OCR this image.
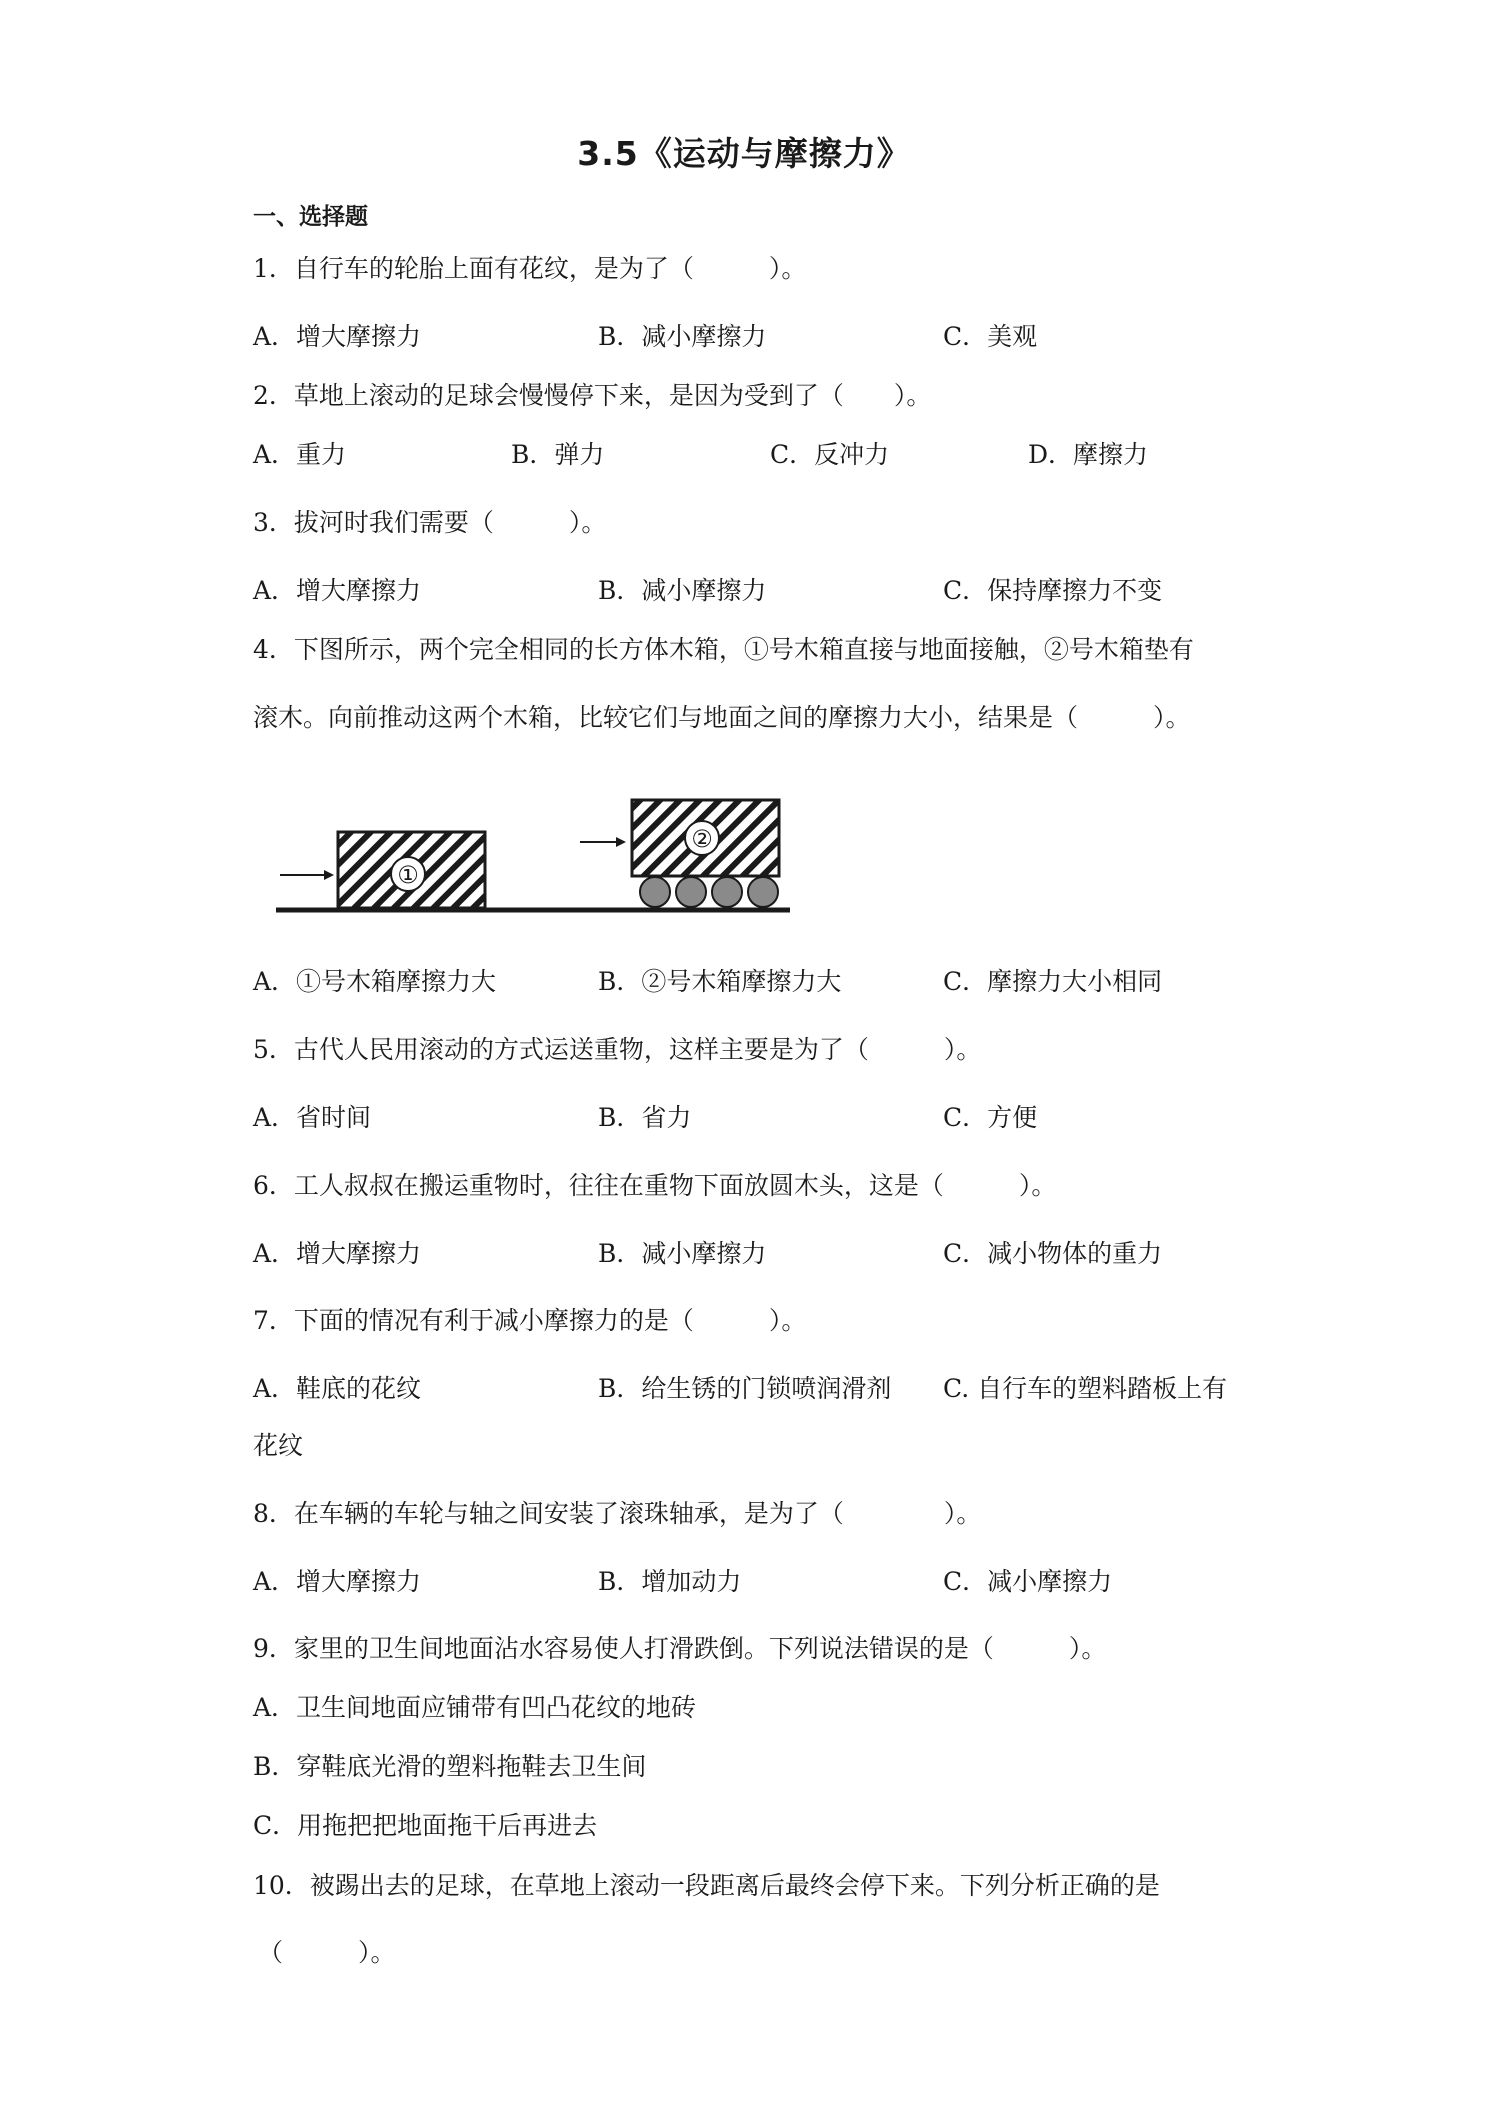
3.5《运动与摩擦力》
一、选择题
1．自行车的轮胎上面有花纹，是为了（　　　）。
A．增大摩擦力	B．减小摩擦力	C．美观
2．草地上滚动的足球会慢慢停下来，是因为受到了（　　）。
A．重力	B．弹力	C．反冲力	D．摩擦力
3．拔河时我们需要（　　　）。
A．增大摩擦力	B．减小摩擦力	C．保持摩擦力不变
4．下图所示，两个完全相同的长方体木箱，①号木箱直接与地面接触，②号木箱垫有
滚木。向前推动这两个木箱，比较它们与地面之间的摩擦力大小，结果是（　　　）。
①
②
A．①号木箱摩擦力大	B．②号木箱摩擦力大	C．摩擦力大小相同
5．古代人民用滚动的方式运送重物，这样主要是为了（　　　）。
A．省时间	B．省力	C．方便
6．工人叔叔在搬运重物时，往往在重物下面放圆木头，这是（　　　）。
A．增大摩擦力	B．减小摩擦力	C．减小物体的重力
7．下面的情况有利于减小摩擦力的是（　　　）。
A．鞋底的花纹	B．给生锈的门锁喷润滑剂 C. 自行车的塑料踏板上有
花纹
8．在车辆的车轮与轴之间安装了滚珠轴承，是为了（　　　　）。
A．增大摩擦力	B．增加动力	C．减小摩擦力
9．家里的卫生间地面沾水容易使人打滑跌倒。下列说法错误的是（　　　）。
A．卫生间地面应铺带有凹凸花纹的地砖
B．穿鞋底光滑的塑料拖鞋去卫生间
C．用拖把把地面拖干后再进去
10．被踢出去的足球，在草地上滚动一段距离后最终会停下来。下列分析正确的是
（　　　）。
